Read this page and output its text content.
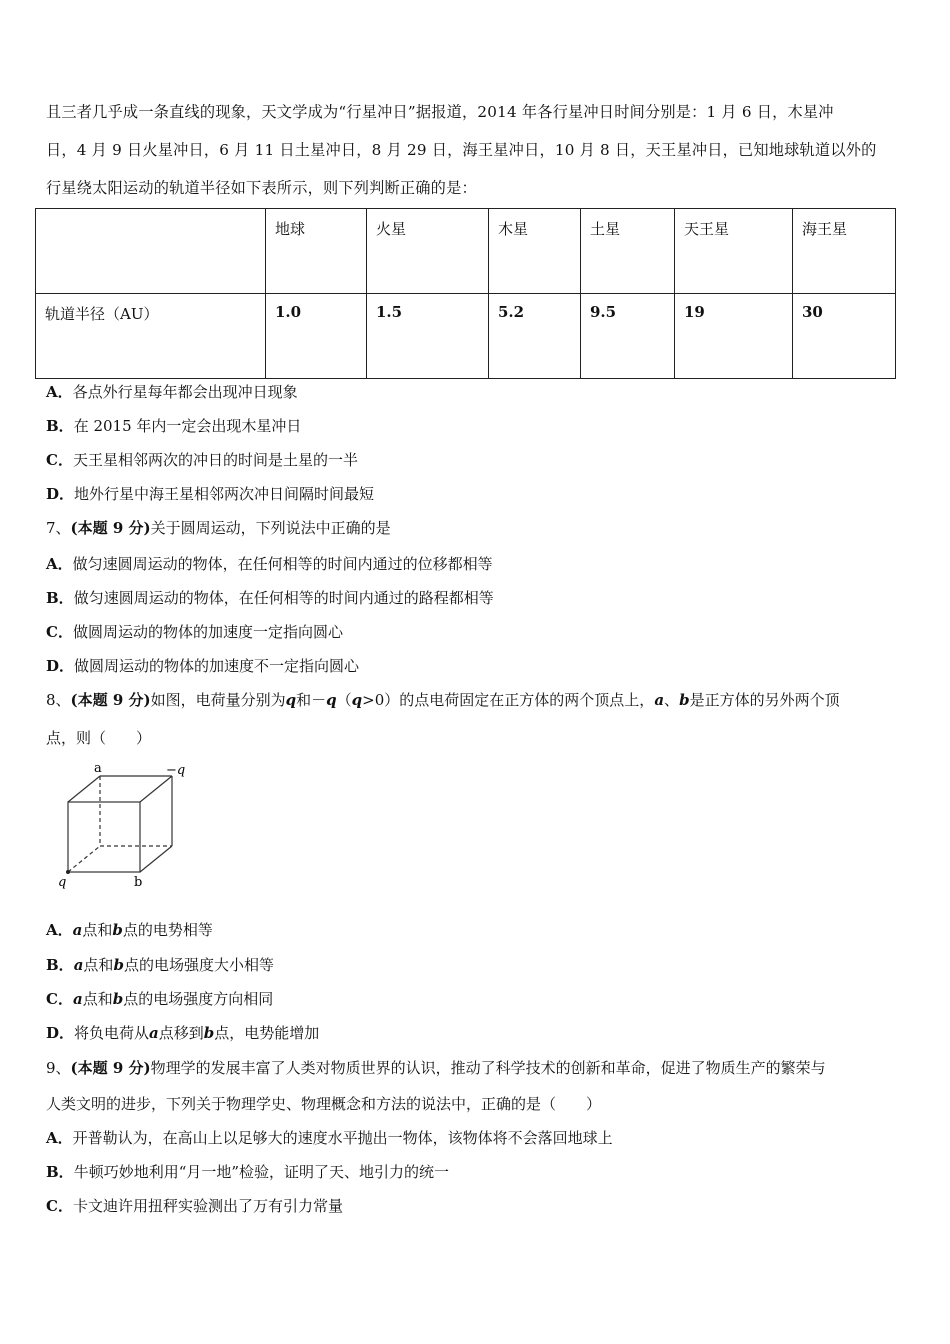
且三者几乎成一条直线的现象，天文学成为“行星冲日”据报道，2014 年各行星冲日时间分别是：1 月 6 日，木星冲
日，4 月 9 日火星冲日，6 月 11 日土星冲日，8 月 29 日，海王星冲日，10 月 8 日，天王星冲日，已知地球轨道以外的
行星绕太阳运动的轨道半径如下表所示，则下列判断正确的是：
	地球	火星	木星	土星	天王星	海王星
轨道半径（AU）	1.0	1.5	5.2	9.5	19	30
A．各点外行星每年都会出现冲日现象
B．在 2015 年内一定会出现木星冲日
C．天王星相邻两次的冲日的时间是土星的一半
D．地外行星中海王星相邻两次冲日间隔时间最短
7、(本题 9 分)关于圆周运动，下列说法中正确的是
A．做匀速圆周运动的物体，在任何相等的时间内通过的位移都相等
B．做匀速圆周运动的物体，在任何相等的时间内通过的路程都相等
C．做圆周运动的物体的加速度一定指向圆心
D．做圆周运动的物体的加速度不一定指向圆心
8、(本题 9 分)如图，电荷量分别为q和－q（q>0）的点电荷固定在正方体的两个顶点上，a、b是正方体的另外两个顶
点，则（　　）
a	−q
q	b
A．a点和b点的电势相等
B．a点和b点的电场强度大小相等
C．a点和b点的电场强度方向相同
D．将负电荷从a点移到b点，电势能增加
9、(本题 9 分)物理学的发展丰富了人类对物质世界的认识，推动了科学技术的创新和革命，促进了物质生产的繁荣与
人类文明的进步，下列关于物理学史、物理概念和方法的说法中，正确的是（　　）
A．开普勒认为，在高山上以足够大的速度水平抛出一物体，该物体将不会落回地球上
B．牛顿巧妙地利用“月一地”检验，证明了天、地引力的统一
C．卡文迪许用扭秤实验测出了万有引力常量
